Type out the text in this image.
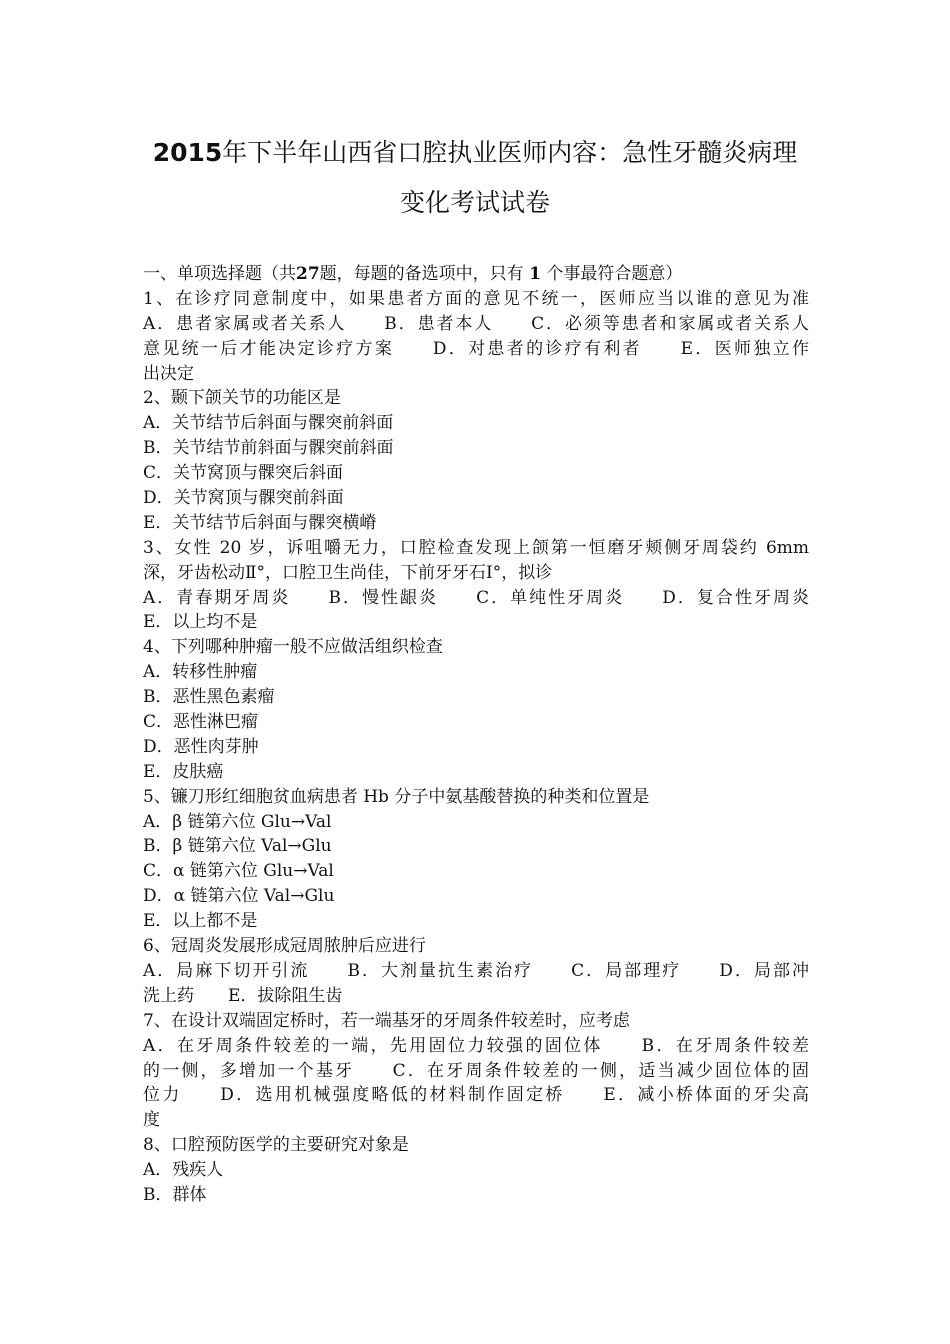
2015年下半年山西省口腔执业医师内容：急性牙髓炎病理
变化考试试卷
一、单项选择题（共27题，每题的备选项中，只有 1 个事最符合题意）
1、在诊疗同意制度中，如果患者方面的意见不统一，医师应当以谁的意见为准
A．患者家属或者关系人　　B．患者本人　　C．必须等患者和家属或者关系人
意见统一后才能决定诊疗方案　　D．对患者的诊疗有利者　　E．医师独立作
出决定
2、颞下颌关节的功能区是
A．关节结节后斜面与髁突前斜面
B．关节结节前斜面与髁突前斜面
C．关节窝顶与髁突后斜面
D．关节窝顶与髁突前斜面
E．关节结节后斜面与髁突横嵴
3、女性 20 岁，诉咀嚼无力，口腔检查发现上颌第一恒磨牙颊侧牙周袋约 6mm
深，牙齿松动Ⅱ°，口腔卫生尚佳，下前牙牙石Ⅰ°，拟诊
A．青春期牙周炎　　B．慢性龈炎　　C．单纯性牙周炎　　D．复合性牙周炎
E．以上均不是
4、下列哪种肿瘤一般不应做活组织检查
A．转移性肿瘤
B．恶性黑色素瘤
C．恶性淋巴瘤
D．恶性肉芽肿
E．皮肤癌
5、镰刀形红细胞贫血病患者 Hb 分子中氨基酸替换的种类和位置是
A．β 链第六位 Glu→Val
B．β 链第六位 Val→Glu
C．α 链第六位 Glu→Val
D．α 链第六位 Val→Glu
E．以上都不是
6、冠周炎发展形成冠周脓肿后应进行
A．局麻下切开引流　　B．大剂量抗生素治疗　　C．局部理疗　　D．局部冲
洗上药　　E．拔除阻生齿
7、在设计双端固定桥时，若一端基牙的牙周条件较差时，应考虑
A．在牙周条件较差的一端，先用固位力较强的固位体　　B．在牙周条件较差
的一侧，多增加一个基牙　　C．在牙周条件较差的一侧，适当减少固位体的固
位力　　D．选用机械强度略低的材料制作固定桥　　E．减小桥体面的牙尖高
度
8、口腔预防医学的主要研究对象是
A．残疾人
B．群体
